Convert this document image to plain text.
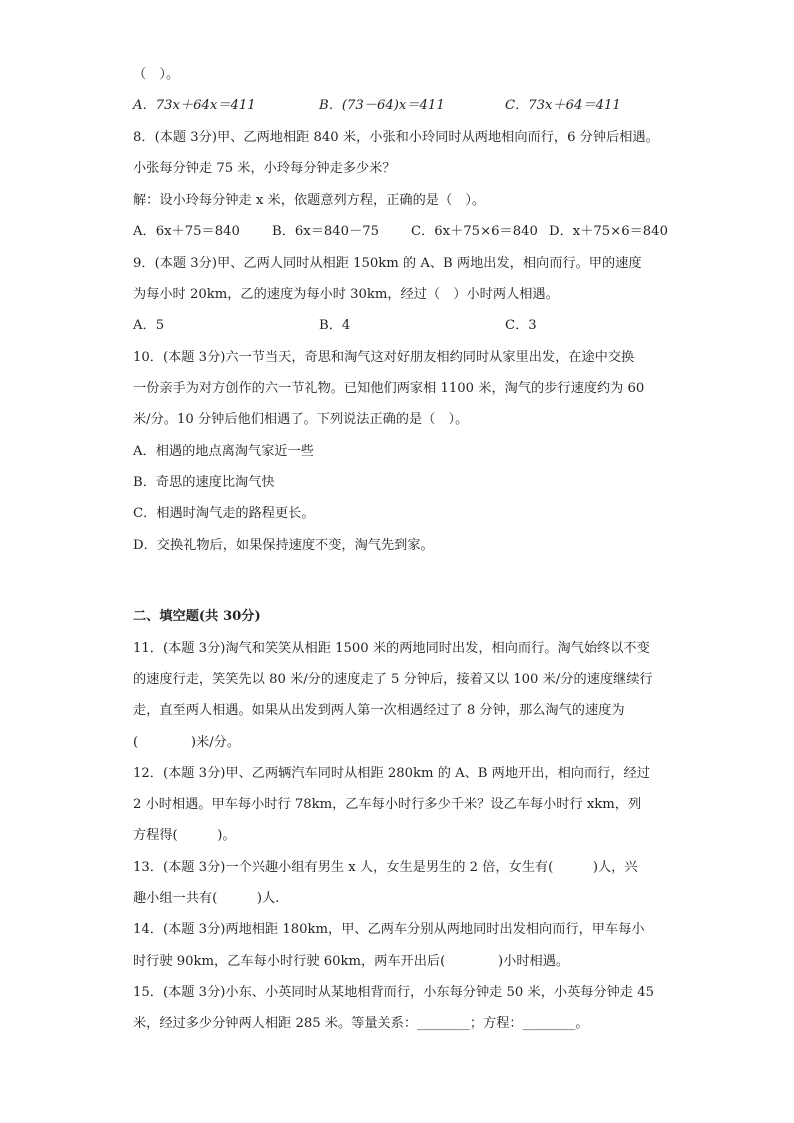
（　）。
A．73x＋64x＝411	B．(73－64)x＝411	C．73x＋64＝411
8．(本题 3分)甲、乙两地相距 840 米，小张和小玲同时从两地相向而行，6 分钟后相遇。
小张每分钟走 75 米，小玲每分钟走多少米？
解：设小玲每分钟走 x 米，依题意列方程，正确的是（　）。
A．6x＋75＝840 B．6x＝840－75 C．6x＋75×6＝840 D．x＋75×6＝840
9．(本题 3分)甲、乙两人同时从相距 150km 的 A、B 两地出发，相向而行。甲的速度
为每小时 20km，乙的速度为每小时 30km，经过（　）小时两人相遇。
A．5	B．4	C．3
10．(本题 3分)六一节当天，奇思和淘气这对好朋友相约同时从家里出发，在途中交换
一份亲手为对方创作的六一节礼物。已知他们两家相 1100 米，淘气的步行速度约为 60
米/分。10 分钟后他们相遇了。下列说法正确的是（　）。
A．相遇的地点离淘气家近一些
B．奇思的速度比淘气快
C．相遇时淘气走的路程更长。
D．交换礼物后，如果保持速度不变，淘气先到家。
二、填空题(共 30分)
11．(本题 3分)淘气和笑笑从相距 1500 米的两地同时出发，相向而行。淘气始终以不变
的速度行走，笑笑先以 80 米/分的速度走了 5 分钟后，接着又以 100 米/分的速度继续行
走，直至两人相遇。如果从出发到两人第一次相遇经过了 8 分钟，那么淘气的速度为
(　　　　)米/分。
12．(本题 3分)甲、乙两辆汽车同时从相距 280km 的 A、B 两地开出，相向而行，经过
2 小时相遇。甲车每小时行 78km，乙车每小时行多少千米？设乙车每小时行 xkm，列
方程得(　　　)。
13．(本题 3分)一个兴趣小组有男生 x 人，女生是男生的 2 倍，女生有(　　　)人，兴
趣小组一共有(　　　)人.
14．(本题 3分)两地相距 180km，甲、乙两车分别从两地同时出发相向而行，甲车每小
时行驶 90km，乙车每小时行驶 60km，两车开出后(　　　　)小时相遇。
15．(本题 3分)小东、小英同时从某地相背而行，小东每分钟走 50 米，小英每分钟走 45
米，经过多少分钟两人相距 285 米。等量关系：________；方程：________。
